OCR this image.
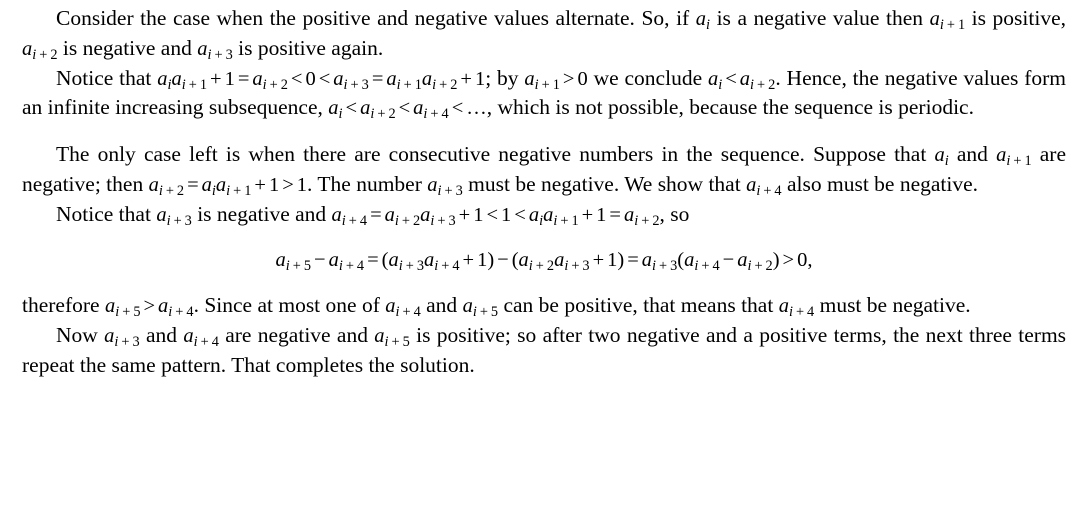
Consider the case when the positive and negative values alternate. So, if $a_i$ is a negative value then $a_{i + 1}$ is positive, $a_{i + 2}$ is negative and $a_{i + 3}$ is positive again.

Notice that $a_ia_{i + 1} + 1 = a_{i + 2} < 0 < a_{i + 3} = a_{i + 1}a_{i + 2} + 1$; by $a_{i + 1} > 0$ we conclude $a_i < a_{i + 2}$. Hence, the negative values form an infinite increasing subsequence, $a_i < a_{i + 2} < a_{i + 4}$ < …, which is not possible, because the sequence is periodic.

The only case left is when there are consecutive negative numbers in the sequence. Suppose that $a_i$ and $a_{i + 1}$ are negative; then $a_{i + 2} = a_ia_{i + 1} + 1 > 1$. The number $a_{i + 3}$ must be negative. We show that $a_{i + 4}$ also must be negative.

Notice that $a_{i + 3}$ is negative and $a_{i + 4} = a_{i + 2}a_{i + 3} + 1 < 1 < a_ia_{i + 1} + 1 = a_{i + 2}$, so

$a_{i + 5} - a_{i + 4} = (a_{i + 3}a_{i + 4} + 1) - (a_{i + 2}a_{i + 3} + 1) = a_{i + 3}(a_{i + 4} - a_{i + 2}) > 0$,

therefore $a_{i + 5} > a_{i + 4}$. Since at most one of $a_{i + 4}$ and $a_{i + 5}$ can be positive, that means that $a_{i + 4}$ must be negative.

Now $a_{i + 3}$ and $a_{i + 4}$ are negative and $a_{i + 5}$ is positive; so after two negative and a positive terms, the next three terms repeat the same pattern. That completes the solution.
